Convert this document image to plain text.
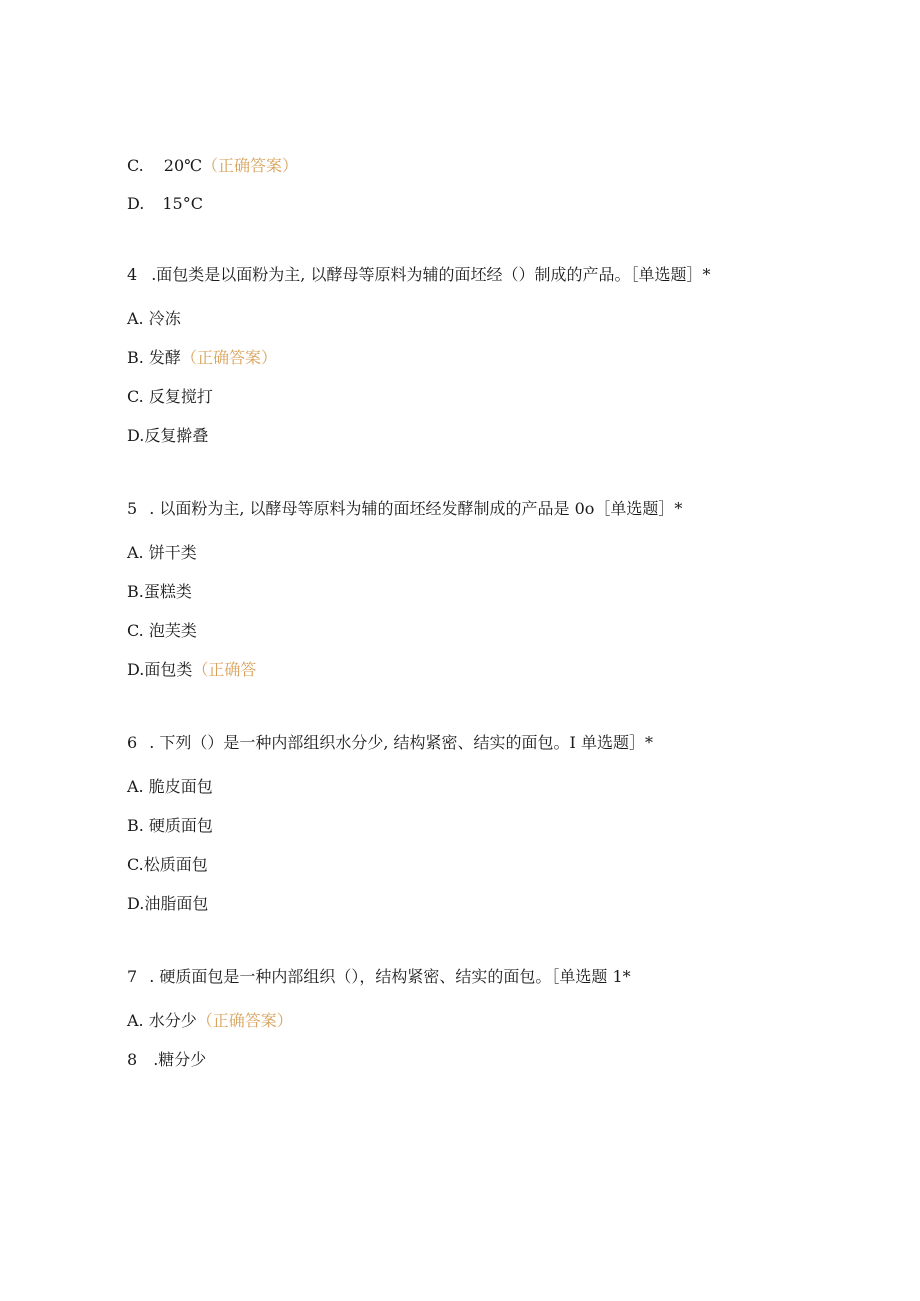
C. 20℃（正确答案）
D. 15°C
4 .面包类是以面粉为主, 以酵母等原料为辅的面坯经（）制成的产品。［单选题］*
A. 冷冻
B. 发酵（正确答案）
C. 反复搅打
D.反复擀叠
5 . 以面粉为主, 以酵母等原料为辅的面坯经发酵制成的产品是 0o［单选题］*
A. 饼干类
B.蛋糕类
C. 泡芙类
D.面包类（正确答
6 . 下列（）是一种内部组织水分少, 结构紧密、结实的面包。I 单选题］*
A. 脆皮面包
B. 硬质面包
C.松质面包
D.油脂面包
7 . 硬质面包是一种内部组织（），结构紧密、结实的面包。［单选题 1*
A. 水分少（正确答案）
8 .糖分少
